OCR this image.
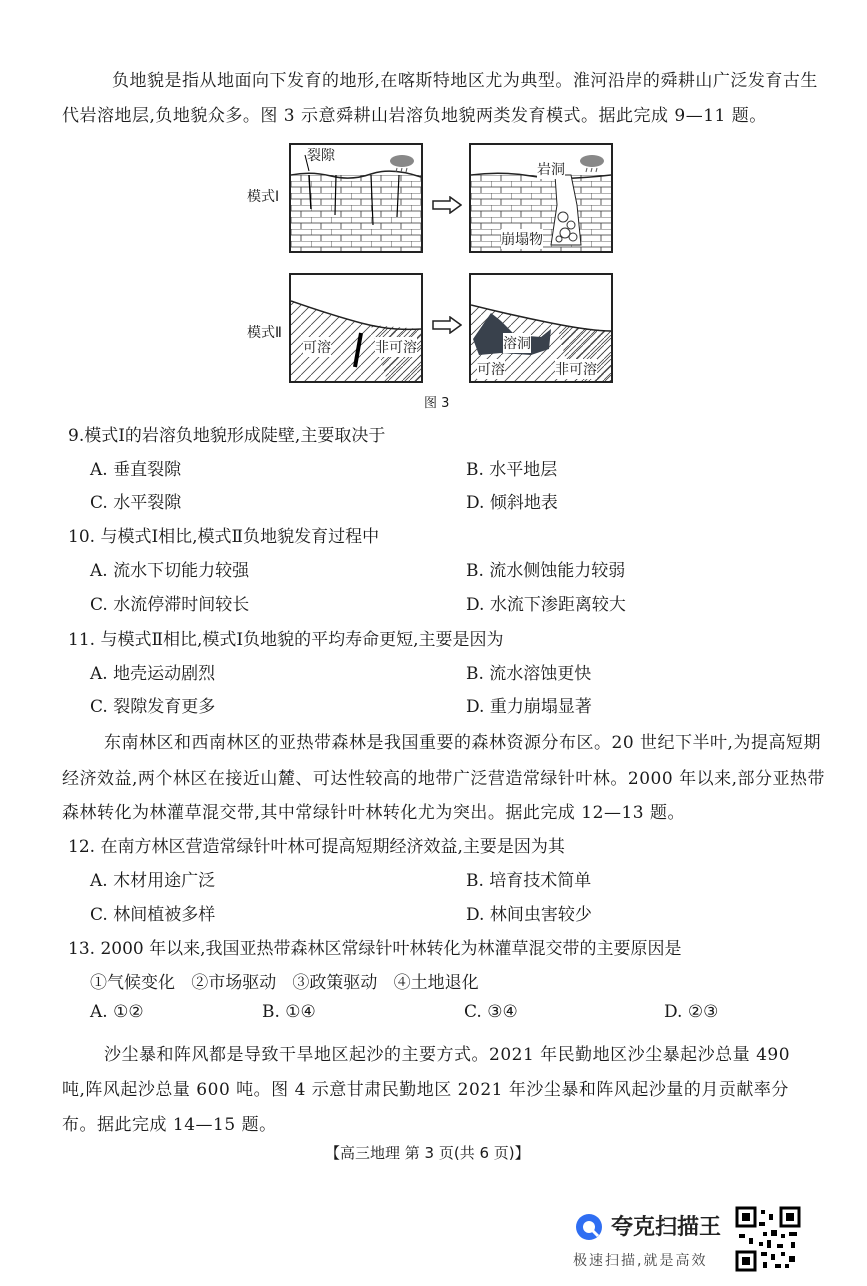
负地貌是指从地面向下发育的地形,在喀斯特地区尤为典型。淮河沿岸的舜耕山广泛发育古生
代岩溶地层,负地貌众多。图 3 示意舜耕山岩溶负地貌两类发育模式。据此完成 9—11 题。
模式Ⅰ
模式Ⅱ
裂隙
岩洞
崩塌物
可溶	非可溶	溶洞
可溶	非可溶
图 3
9.模式Ⅰ的岩溶负地貌形成陡壁,主要取决于
A. 垂直裂隙	B. 水平地层
C. 水平裂隙	D. 倾斜地表
10. 与模式Ⅰ相比,模式Ⅱ负地貌发育过程中
A. 流水下切能力较强	B. 流水侧蚀能力较弱
C. 水流停滞时间较长	D. 水流下渗距离较大
11. 与模式Ⅱ相比,模式Ⅰ负地貌的平均寿命更短,主要是因为
A. 地壳运动剧烈	B. 流水溶蚀更快
C. 裂隙发育更多	D. 重力崩塌显著
东南林区和西南林区的亚热带森林是我国重要的森林资源分布区。20 世纪下半叶,为提高短期
经济效益,两个林区在接近山麓、可达性较高的地带广泛营造常绿针叶林。2000 年以来,部分亚热带
森林转化为林灌草混交带,其中常绿针叶林转化尤为突出。据此完成 12—13 题。
12. 在南方林区营造常绿针叶林可提高短期经济效益,主要是因为其
A. 木材用途广泛	B. 培育技术简单
C. 林间植被多样	D. 林间虫害较少
13. 2000 年以来,我国亚热带森林区常绿针叶林转化为林灌草混交带的主要原因是
①气候变化   ②市场驱动   ③政策驱动   ④土地退化
A. ①②	B. ①④	C. ③④	D. ②③
沙尘暴和阵风都是导致干旱地区起沙的主要方式。2021 年民勤地区沙尘暴起沙总量 490
吨,阵风起沙总量 600 吨。图 4 示意甘肃民勤地区 2021 年沙尘暴和阵风起沙量的月贡献率分
布。据此完成 14—15 题。
【高三地理 第 3 页(共 6 页)】
夸克扫描王
极速扫描,就是高效
